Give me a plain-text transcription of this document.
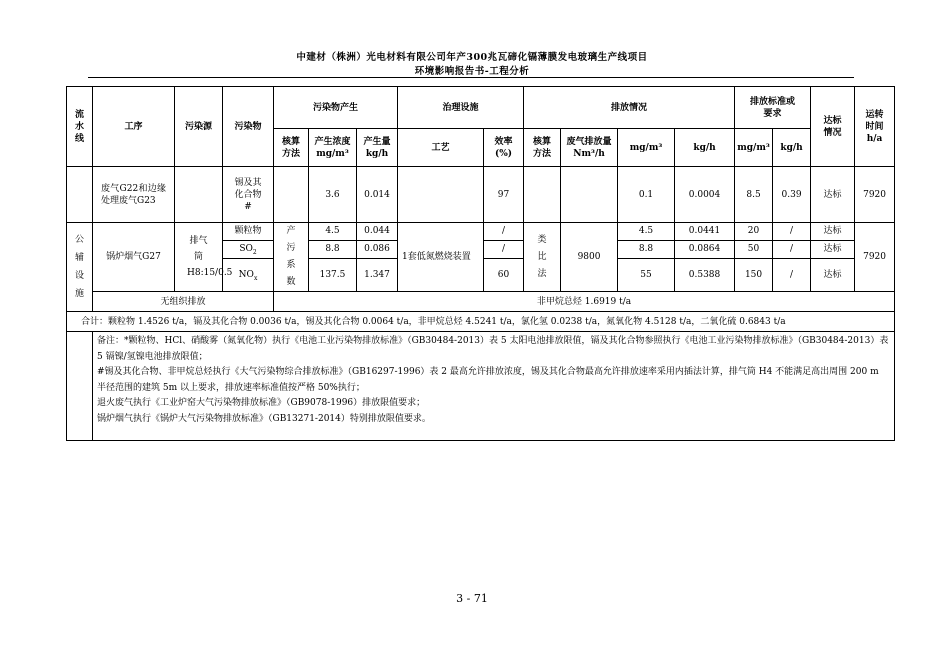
中建材（株洲）光电材料有限公司年产300兆瓦碲化镉薄膜发电玻璃生产线项目
环境影响报告书-工程分析
流水线	工序	污染源	污染物	污染物产生			治理设施		排放情况				排放标准或要求		达标情况	运转时间h/a
				核算方法	产生浓度mg/m³	产生量kg/h	工艺	效率(%)	核算方法	废气排放量Nm³/h	mg/m³	kg/h	mg/m³	kg/h		
	废气G22和边缘处理废气G23		锡及其化合物#		3.6	0.014		97			0.1	0.0004	8.5	0.39	达标	7920
公辅设施	锅炉烟气G27	排气筒H8:15/0.5	颗粒物	产污系数	4.5	0.044	1套低氮燃烧装置	/	类比法	9800	4.5	0.0441	20	/	达标	7920
			$SO_2$		8.8	0.086		/			8.8	0.0864	50	/	达标	
			$NO_x$		137.5	1.347		60			55	0.5388	150	/	达标	
	无组织排放			非甲烷总烃 1.6919 t/a												
合计：颗粒物 1.4526 t/a，镉及其化合物 0.0036 t/a，锡及其化合物 0.0064 t/a，非甲烷总烃 4.5241 t/a，氯化氢 0.0238 t/a，氮氧化物 4.5128 t/a，二氧化硫 0.6843 t/a																

	备注：*颗粒物、HCl、硝酸雾（氮氧化物）执行《电池工业污染物排放标准》（GB30484-2013）表 5 太阳电池排放限值，镉及其化合物参照执行《电池工业污染物排放标准》（GB30484-2013）表 5 镉镍/氢镍电池排放限值；
#锡及其化合物、非甲烷总烃执行《大气污染物综合排放标准》（GB16297-1996）表 2 最高允许排放浓度，锡及其化合物最高允许排放速率采用内插法计算，排气筒 H4 不能满足高出周围 200 m 半径范围的建筑 5m 以上要求，排放速率标准值按严格 50%执行；
退火废气执行《工业炉窑大气污染物排放标准》（GB9078-1996）排放限值要求；
锅炉烟气执行《锅炉大气污染物排放标准》（GB13271-2014）特别排放限值要求。															
3 - 71
